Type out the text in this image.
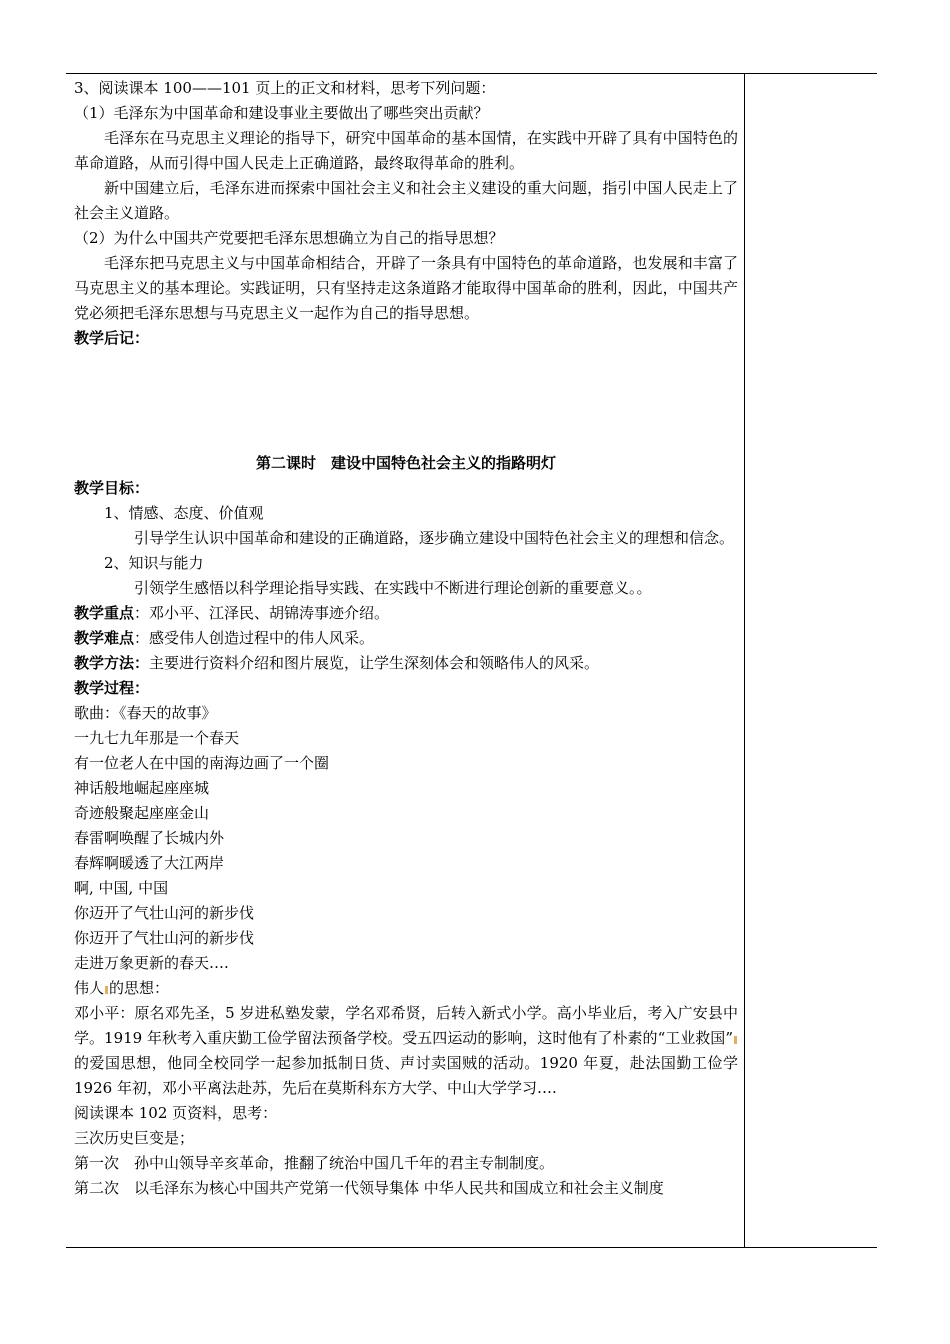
3、阅读课本 100——101 页上的正文和材料，思考下列问题：

（1）毛泽东为中国革命和建设事业主要做出了哪些突出贡献？

毛泽东在马克思主义理论的指导下，研究中国革命的基本国情，在实践中开辟了具有中国特色的革命道路，从而引得中国人民走上正确道路，最终取得革命的胜利。

新中国建立后，毛泽东进而探索中国社会主义和社会主义建设的重大问题，指引中国人民走上了社会主义道路。

（2）为什么中国共产党要把毛泽东思想确立为自己的指导思想？

毛泽东把马克思主义与中国革命相结合，开辟了一条具有中国特色的革命道路，也发展和丰富了马克思主义的基本理论。实践证明，只有坚持走这条道路才能取得中国革命的胜利，因此，中国共产党必须把毛泽东思想与马克思主义一起作为自己的指导思想。

教学后记：

第二课时　建设中国特色社会主义的指路明灯

教学目标：

1、情感、态度、价值观

引导学生认识中国革命和建设的正确道路，逐步确立建设中国特色社会主义的理想和信念。

2、知识与能力

引领学生感悟以科学理论指导实践、在实践中不断进行理论创新的重要意义。。

教学重点：邓小平、江泽民、胡锦涛事迹介绍。

教学难点：感受伟人创造过程中的伟人风采。

教学方法：主要进行资料介绍和图片展览，让学生深刻体会和领略伟人的风采。

教学过程：

歌曲：《春天的故事》

一九七九年那是一个春天

有一位老人在中国的南海边画了一个圈

神话般地崛起座座城

奇迹般聚起座座金山

春雷啊唤醒了长城内外

春辉啊暖透了大江两岸

啊, 中国, 中国

你迈开了气壮山河的新步伐

你迈开了气壮山河的新步伐

走进万象更新的春天….

伟人 的思想：

邓小平：原名邓先圣，5 岁进私塾发蒙，学名邓希贤，后转入新式小学。高小毕业后，考入广安县中学。1919 年秋考入重庆勤工俭学留法预备学校。受五四运动的影响，这时他有了朴素的“工业救国”的爱国思想，他同全校同学一起参加抵制日货、声讨卖国贼的活动。1920 年夏，赴法国勤工俭学 1926 年初，邓小平离法赴苏，先后在莫斯科东方大学、中山大学学习….

阅读课本 102 页资料，思考：

三次历史巨变是；

第一次　孙中山领导辛亥革命，推翻了统治中国几千年的君主专制制度。

第二次　以毛泽东为核心中国共产党第一代领导集体 中华人民共和国成立和社会主义制度
